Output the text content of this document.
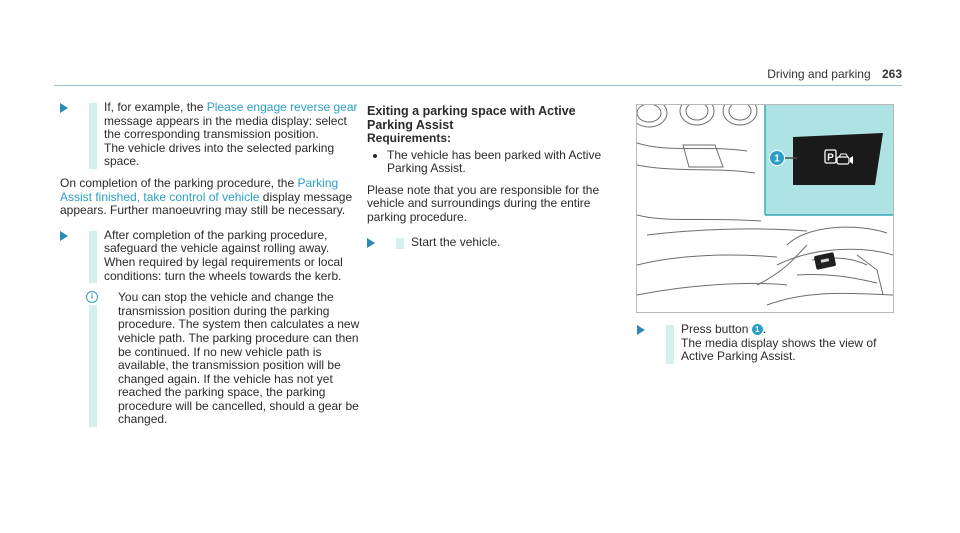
Driving and parking 263
If, for example, the Please engage reverse gear message appears in the media display: select the corresponding transmission position.
The vehicle drives into the selected parking space.

On completion of the parking procedure, the Parking Assist finished, take control of vehicle display message appears. Further manoeuvring may still be necessary.

After completion of the parking procedure, safeguard the vehicle against rolling away.
When required by legal requirements or local conditions: turn the wheels towards the kerb.
i	You can stop the vehicle and change the transmission position during the parking procedure. The system then calculates a new vehicle path. The parking procedure can then be continued. If no new vehicle path is available, the transmission position will be changed again. If the vehicle has not yet reached the parking space, the parking procedure will be cancelled, should a gear be changed.
Exiting a parking space with Active Parking Assist
Requirements:
The vehicle has been parked with Active Parking Assist.

Please note that you are responsible for the vehicle and surroundings during the entire parking procedure.

Start the vehicle.
1	P
Press button 1 .
The media display shows the view of Active Parking Assist.
